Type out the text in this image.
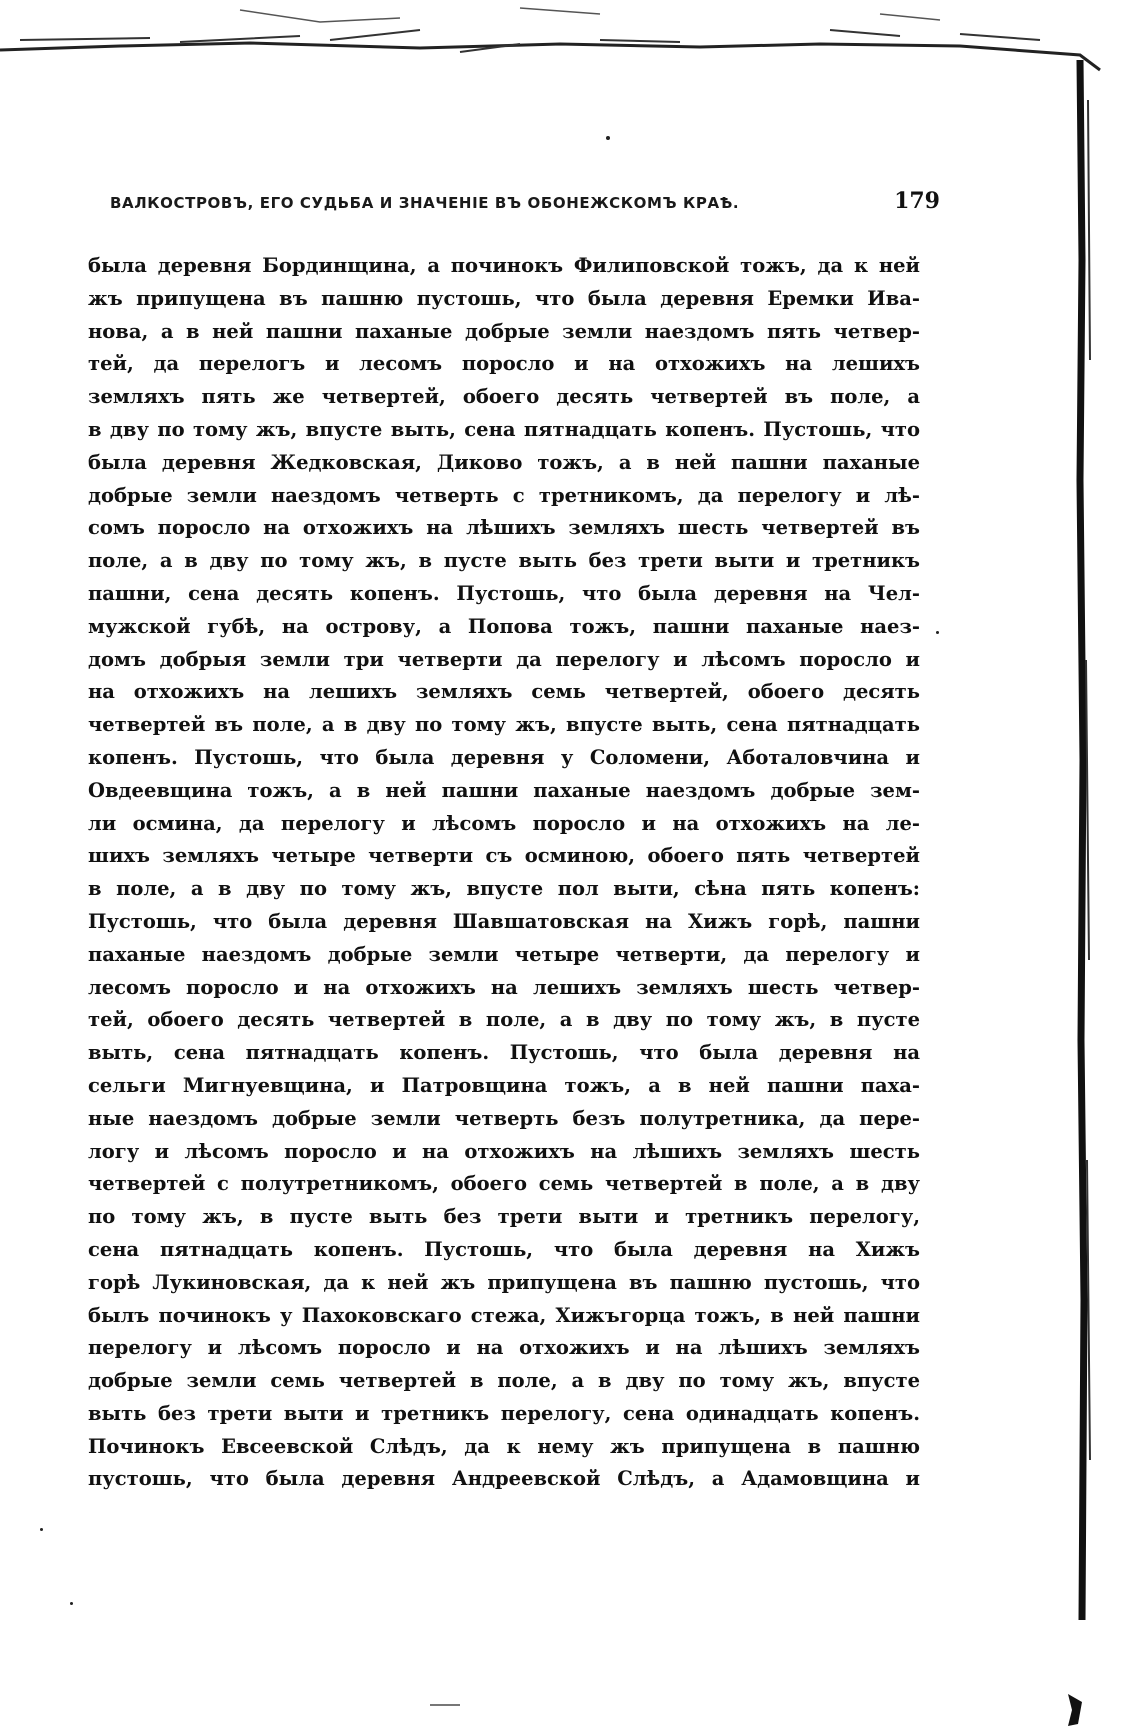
ВАЛКОСТРОВЪ, ЕГО СУДЬБА И ЗНАЧЕНІЕ ВЪ ОБОНЕЖСКОМЪ КРАѢ.	179
была деревня Бординщина, а починокъ Филиповской тожъ, да к ней
жъ припущена въ пашню пустошь, что была деревня Еремки Ива-
нова, а в ней пашни паханые добрые земли наездомъ пять четвер-
тей, да перелогъ и лесомъ поросло и на отхожихъ на лешихъ
земляхъ пять же четвертей, обоего десять четвертей въ поле, а
в дву по тому жъ, впусте выть, сена пятнадцать копенъ. Пустошь, что
была деревня Жедковская, Диково тожъ, а в ней пашни паханые
добрые земли наездомъ четверть с третникомъ, да перелогу и лѣ-
сомъ поросло на отхожихъ на лѣшихъ земляхъ шесть четвертей въ
поле, а в дву по тому жъ, в пусте выть без трети выти и третникъ
пашни, сена десять копенъ. Пустошь, что была деревня на Чел-
мужской губѣ, на острову, а Попова тожъ, пашни паханые наез-
домъ добрыя земли три четверти да перелогу и лѣсомъ поросло и
на отхожихъ на лешихъ земляхъ семь четвертей, обоего десять
четвертей въ поле, а в дву по тому жъ, впусте выть, сена пятнадцать
копенъ. Пустошь, что была деревня у Соломени, Аботаловчина и
Овдеевщина тожъ, а в ней пашни паханые наездомъ добрые зем-
ли осмина, да перелогу и лѣсомъ поросло и на отхожихъ на ле-
шихъ земляхъ четыре четверти съ осминою, обоего пять четвертей
в поле, а в дву по тому жъ, впусте пол выти, сѣна пять копенъ:
Пустошь, что была деревня Шавшатовская на Хижъ горѣ, пашни
паханые наездомъ добрые земли четыре четверти, да перелогу и
лесомъ поросло и на отхожихъ на лешихъ земляхъ шесть четвер-
тей, обоего десять четвертей в поле, а в дву по тому жъ, в пусте
выть, сена пятнадцать копенъ. Пустошь, что была деревня на
сельги Мигнуевщина, и Патровщина тожъ, а в ней пашни паха-
ные наездомъ добрые земли четверть безъ полутретника, да пере-
логу и лѣсомъ поросло и на отхожихъ на лѣшихъ земляхъ шесть
четвертей с полутретникомъ, обоего семь четвертей в поле, а в дву
по тому жъ, в пусте выть без трети выти и третникъ перелогу,
сена пятнадцать копенъ. Пустошь, что была деревня на Хижъ
горѣ Лукиновская, да к ней жъ припущена въ пашню пустошь, что
былъ починокъ у Пахоковскаго стежа, Хижъгорца тожъ, в ней пашни
перелогу и лѣсомъ поросло и на отхожихъ и на лѣшихъ земляхъ
добрые земли семь четвертей в поле, а в дву по тому жъ, впусте
выть без трети выти и третникъ перелогу, сена одинадцать копенъ.
Починокъ Евсеевской Слѣдъ, да к нему жъ припущена в пашню
пустошь, что была деревня Андреевской Слѣдъ, а Адамовщина и
